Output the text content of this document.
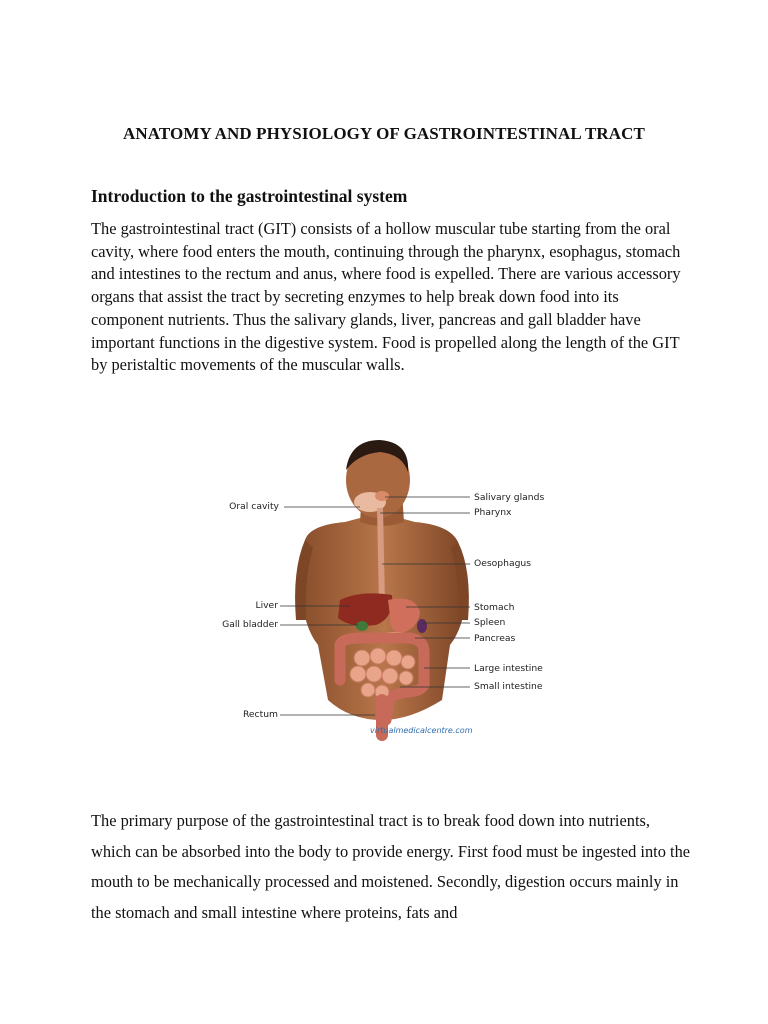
ANATOMY AND PHYSIOLOGY OF GASTROINTESTINAL TRACT
Introduction to the gastrointestinal system
The gastrointestinal tract (GIT) consists of a hollow muscular tube starting from the oral cavity, where food enters the mouth, continuing through the pharynx, esophagus, stomach and intestines to the rectum and anus, where food is expelled. There are various accessory organs that assist the tract by secreting enzymes to help break down food into its component nutrients. Thus the salivary glands, liver, pancreas and gall bladder have important functions in the digestive system. Food is propelled along the length of the GIT by peristaltic movements of the muscular walls.
Oral cavity
Liver
Gall bladder
Rectum
Salivary glands
Pharynx
Oesophagus
Stomach
Spleen
Pancreas
Large intestine
Small intestine
virtualmedicalcentre.com
The primary purpose of the gastrointestinal tract is to break food down into nutrients, which can be absorbed into the body to provide energy. First food must be ingested into the mouth to be mechanically processed and moistened. Secondly, digestion occurs mainly in the stomach and small intestine where proteins, fats and
